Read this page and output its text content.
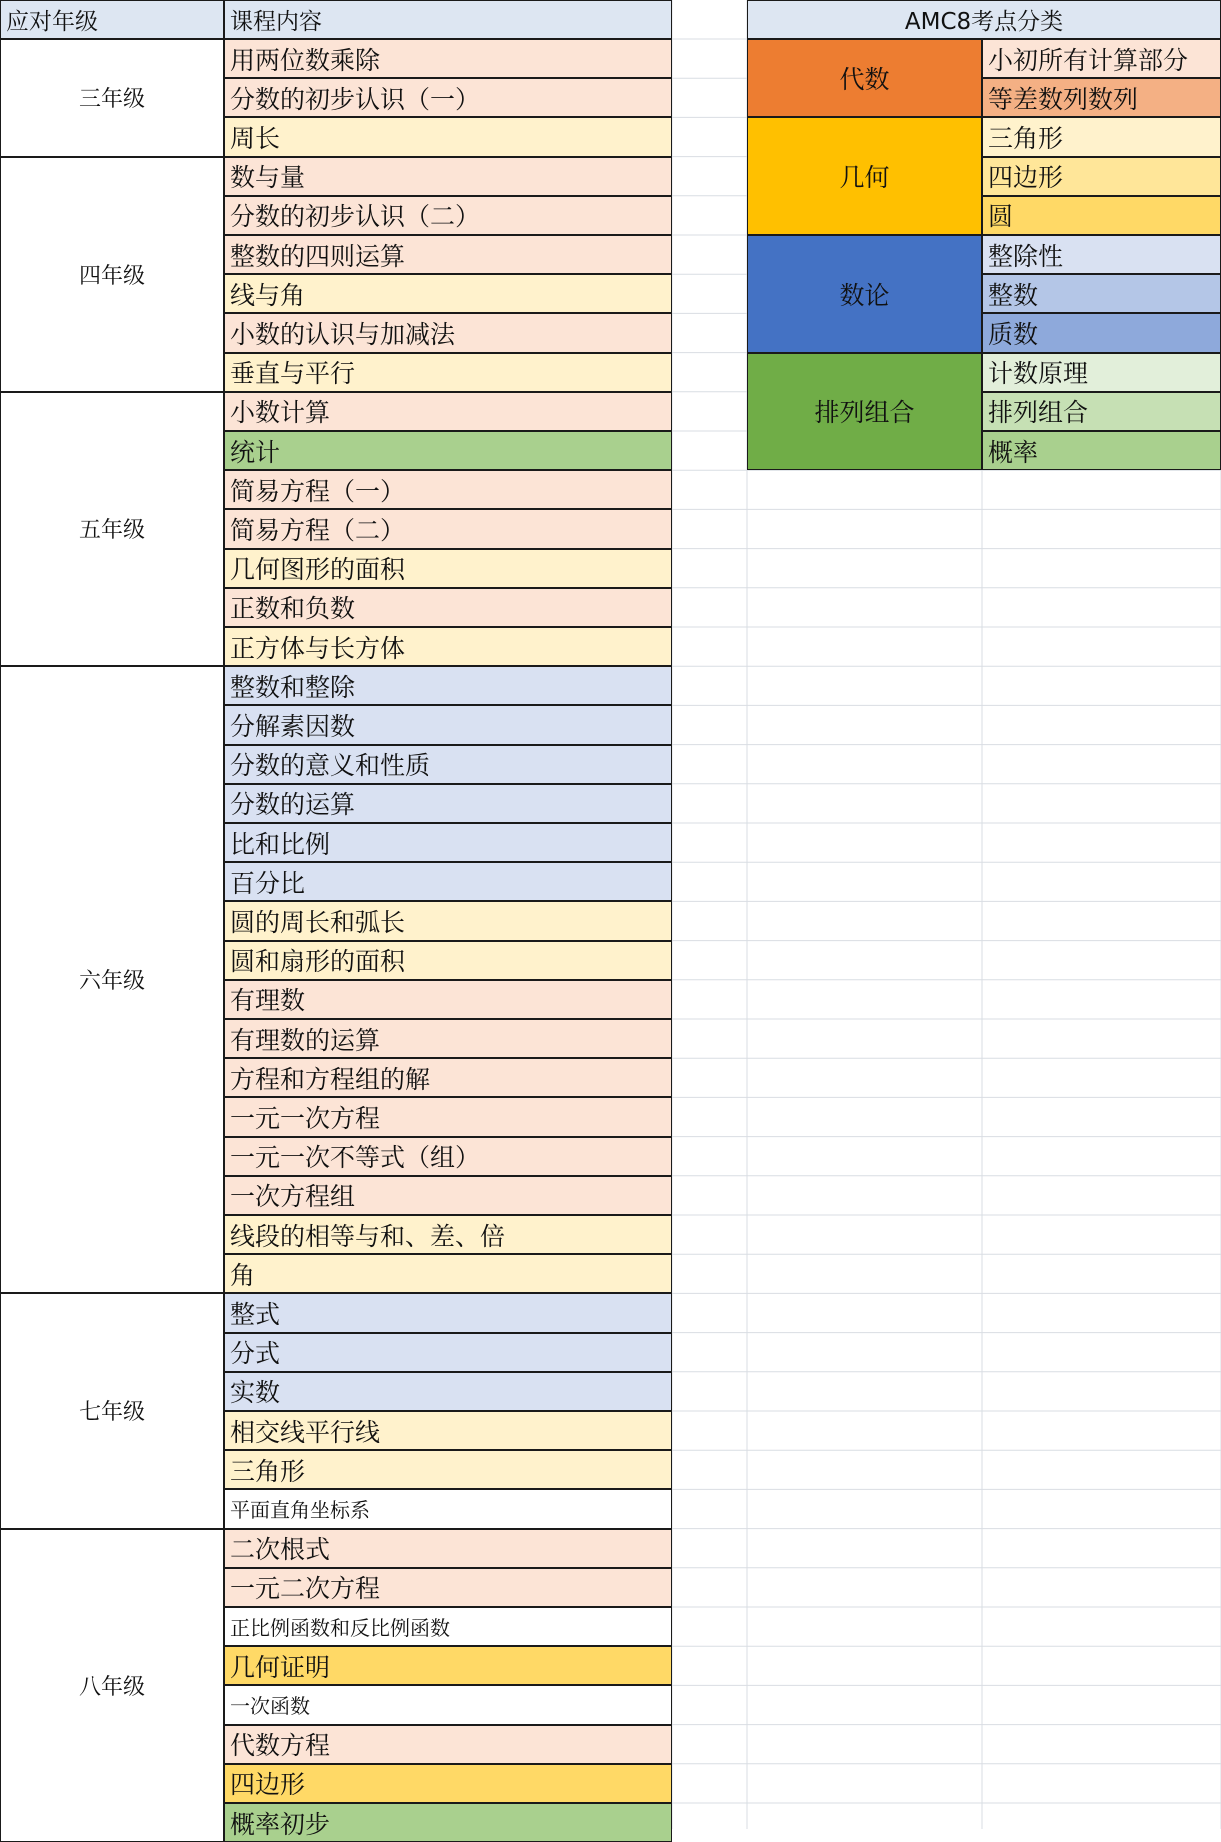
应对年级	课程内容
用两位数乘除
分数的初步认识（一）
周长
数与量
分数的初步认识（二）
整数的四则运算
线与角
小数的认识与加减法
垂直与平行
小数计算
统计
简易方程（一）
简易方程（二）
几何图形的面积
正数和负数
正方体与长方体
整数和整除
分解素因数
分数的意义和性质
分数的运算
比和比例
百分比
圆的周长和弧长
圆和扇形的面积
有理数
有理数的运算
方程和方程组的解
一元一次方程
一元一次不等式（组）
一次方程组
线段的相等与和、差、倍
角
整式
分式
实数
相交线平行线
三角形
平面直角坐标系
二次根式
一元二次方程
正比例函数和反比例函数
几何证明
一次函数
代数方程
四边形
概率初步
三年级
四年级
五年级
六年级
七年级
八年级
AMC8考点分类
代数
小初所有计算部分
等差数列数列
几何
三角形
四边形
圆
数论
整除性
整数
质数
排列组合
计数原理
排列组合
概率
